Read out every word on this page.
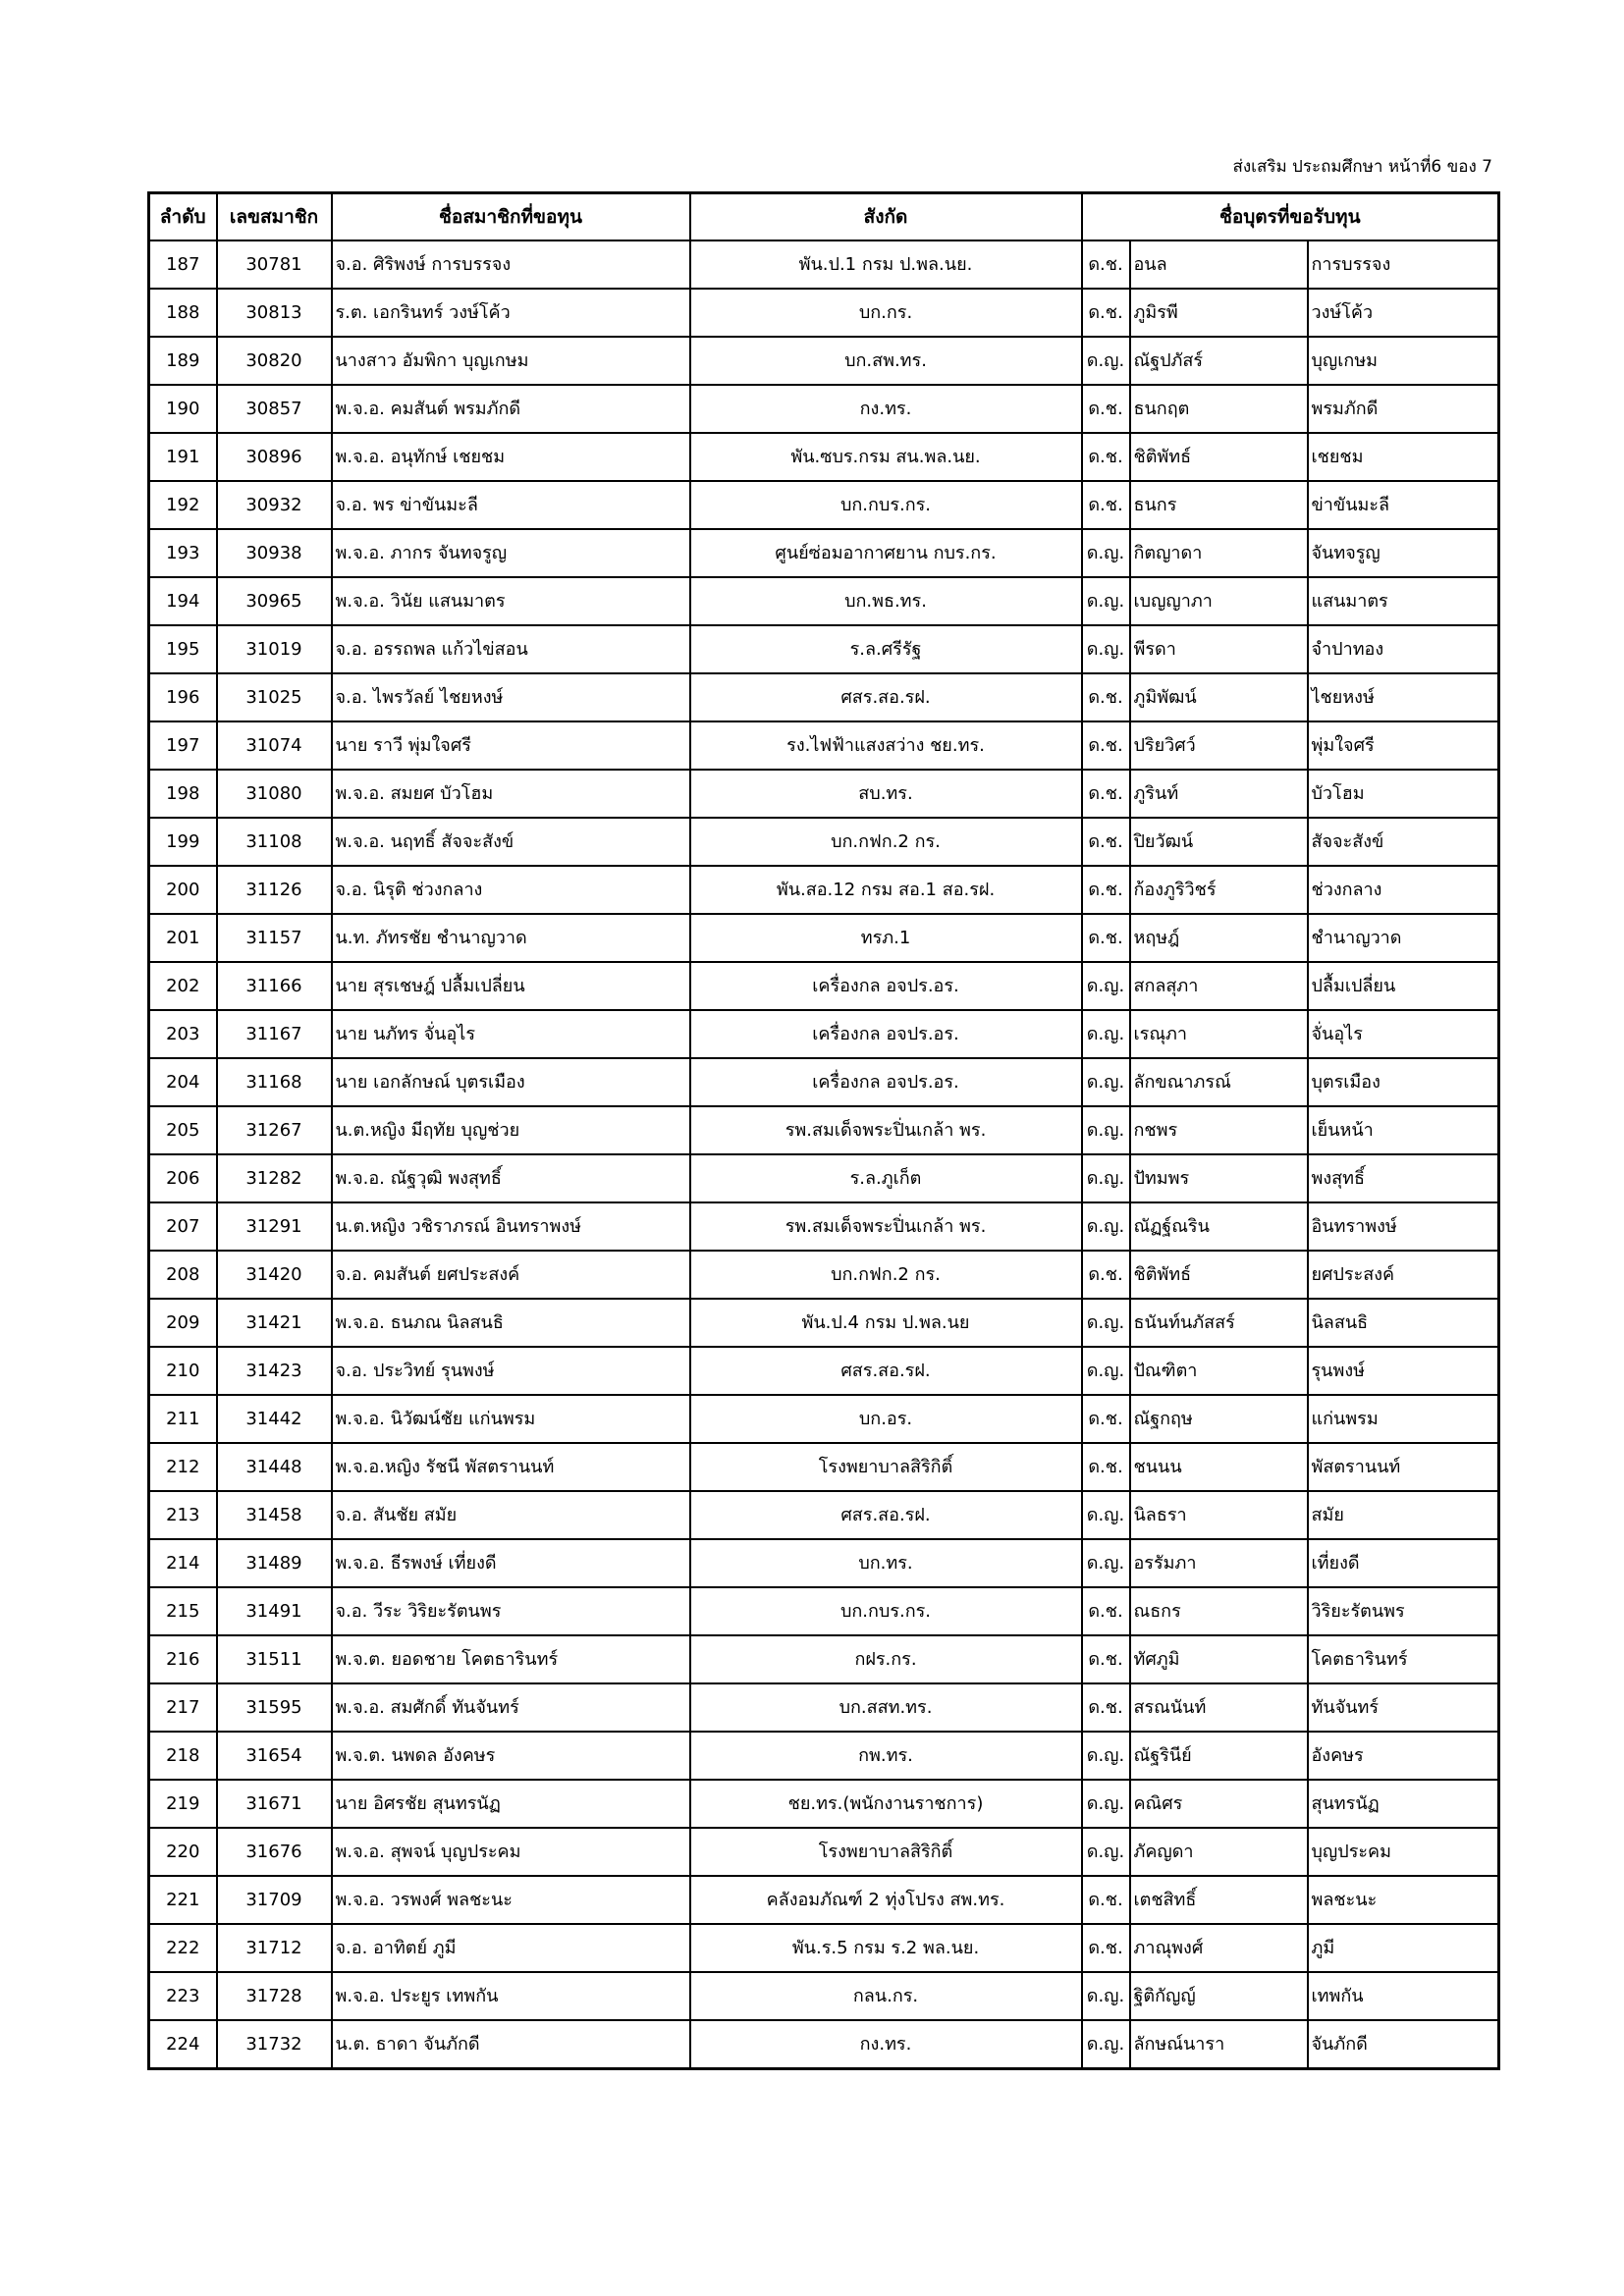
ส่งเสริม ประถมศึกษา หน้าที่6 ของ 7
ลำดับ	เลขสมาชิก	ชื่อสมาชิกที่ขอทุน	สังกัด	ชื่อบุตรที่ขอรับทุน		
187	30781	จ.อ. ศิริพงษ์ การบรรจง	พัน.ป.1 กรม ป.พล.นย.	ด.ช.	อนล	การบรรจง
188	30813	ร.ต. เอกรินทร์ วงษ์โค้ว	บก.กร.	ด.ช.	ภูมิรพี	วงษ์โค้ว
189	30820	นางสาว อัมพิกา บุญเกษม	บก.สพ.ทร.	ด.ญ.	ณัฐปภัสร์	บุญเกษม
190	30857	พ.จ.อ. คมสันต์ พรมภักดี	กง.ทร.	ด.ช.	ธนกฤต	พรมภักดี
191	30896	พ.จ.อ. อนุทักษ์ เชยชม	พัน.ซบร.กรม สน.พล.นย.	ด.ช.	ชิติพัทธ์	เชยชม
192	30932	จ.อ. พร ข่าขันมะลี	บก.กบร.กร.	ด.ช.	ธนกร	ข่าขันมะลี
193	30938	พ.จ.อ. ภากร จันทจรูญ	ศูนย์ซ่อมอากาศยาน กบร.กร.	ด.ญ.	กิตญาดา	จันทจรูญ
194	30965	พ.จ.อ. วินัย แสนมาตร	บก.พธ.ทร.	ด.ญ.	เบญญาภา	แสนมาตร
195	31019	จ.อ. อรรถพล แก้วไข่สอน	ร.ล.ศรีรัฐ	ด.ญ.	พีรดา	จำปาทอง
196	31025	จ.อ. ไพรวัลย์ ไชยหงษ์	ศสร.สอ.รฝ.	ด.ช.	ภูมิพัฒน์	ไชยหงษ์
197	31074	นาย ราวี พุ่มใจศรี	รง.ไฟฟ้าแสงสว่าง ชย.ทร.	ด.ช.	ปริยวิศว์	พุ่มใจศรี
198	31080	พ.จ.อ. สมยศ บัวโฮม	สบ.ทร.	ด.ช.	ภูรินท์	บัวโฮม
199	31108	พ.จ.อ. นฤทธิ์ สัจจะสังข์	บก.กฟก.2 กร.	ด.ช.	ปิยวัฒน์	สัจจะสังข์
200	31126	จ.อ. นิรุติ ช่วงกลาง	พัน.สอ.12 กรม สอ.1 สอ.รฝ.	ด.ช.	ก้องภูริวิชร์	ช่วงกลาง
201	31157	น.ท. ภัทรชัย ชำนาญวาด	ทรภ.1	ด.ช.	หฤษฎ์	ชำนาญวาด
202	31166	นาย สุรเชษฎ์ ปลื้มเปลี่ยน	เครื่องกล อจปร.อร.	ด.ญ.	สกลสุภา	ปลื้มเปลี่ยน
203	31167	นาย นภัทร จั่นอุไร	เครื่องกล อจปร.อร.	ด.ญ.	เรณุภา	จั่นอุไร
204	31168	นาย เอกลักษณ์ บุตรเมือง	เครื่องกล อจปร.อร.	ด.ญ.	ลักขณาภรณ์	บุตรเมือง
205	31267	น.ต.หญิง มีฤทัย บุญช่วย	รพ.สมเด็จพระปิ่นเกล้า พร.	ด.ญ.	กชพร	เย็นหน้า
206	31282	พ.จ.อ. ณัฐวุฒิ พงสุทธิ์	ร.ล.ภูเก็ต	ด.ญ.	ปัทมพร	พงสุทธิ์
207	31291	น.ต.หญิง วชิราภรณ์ อินทราพงษ์	รพ.สมเด็จพระปิ่นเกล้า พร.	ด.ญ.	ณัฏฐ์ณริน	อินทราพงษ์
208	31420	จ.อ. คมสันต์ ยศประสงค์	บก.กฟก.2 กร.	ด.ช.	ชิติพัทธ์	ยศประสงค์
209	31421	พ.จ.อ. ธนภณ นิลสนธิ	พัน.ป.4 กรม ป.พล.นย	ด.ญ.	ธนันท์นภัสสร์	นิลสนธิ
210	31423	จ.อ. ประวิทย์ รุนพงษ์	ศสร.สอ.รฝ.	ด.ญ.	ปัณฑิตา	รุนพงษ์
211	31442	พ.จ.อ. นิวัฒน์ชัย แก่นพรม	บก.อร.	ด.ช.	ณัฐกฤษ	แก่นพรม
212	31448	พ.จ.อ.หญิง รัชนี พัสตรานนท์	โรงพยาบาลสิริกิติ์	ด.ช.	ชนนน	พัสตรานนท์
213	31458	จ.อ. สันชัย สมัย	ศสร.สอ.รฝ.	ด.ญ.	นิลธรา	สมัย
214	31489	พ.จ.อ. ธีรพงษ์ เที่ยงดี	บก.ทร.	ด.ญ.	อรรัมภา	เที่ยงดี
215	31491	จ.อ. วีระ วิริยะรัตนพร	บก.กบร.กร.	ด.ช.	ณธกร	วิริยะรัตนพร
216	31511	พ.จ.ต. ยอดชาย โคตธารินทร์	กฝร.กร.	ด.ช.	ทัศภูมิ	โคตธารินทร์
217	31595	พ.จ.อ. สมศักดิ์ ทันจันทร์	บก.สสท.ทร.	ด.ช.	สรณนันท์	ทันจันทร์
218	31654	พ.จ.ต. นพดล อังคษร	กพ.ทร.	ด.ญ.	ณัฐรินีย์	อังคษร
219	31671	นาย อิศรชัย สุนทรนัฏ	ชย.ทร.(พนักงานราชการ)	ด.ญ.	คณิศร	สุนทรนัฏ
220	31676	พ.จ.อ. สุพจน์ บุญประคม	โรงพยาบาลสิริกิติ์	ด.ญ.	ภัคญดา	บุญประคม
221	31709	พ.จ.อ. วรพงศ์ พลชะนะ	คลังอมภัณฑ์ 2 ทุ่งโปรง สพ.ทร.	ด.ช.	เตชสิทธิ์	พลชะนะ
222	31712	จ.อ. อาทิตย์ ภูมี	พัน.ร.5 กรม ร.2 พล.นย.	ด.ช.	ภาณุพงศ์	ภูมี
223	31728	พ.จ.อ. ประยูร เทพกัน	กลน.กร.	ด.ญ.	ฐิติกัญญ์	เทพกัน
224	31732	น.ต. ธาดา จันภักดี	กง.ทร.	ด.ญ.	ลักษณ์นารา	จันภักดี
